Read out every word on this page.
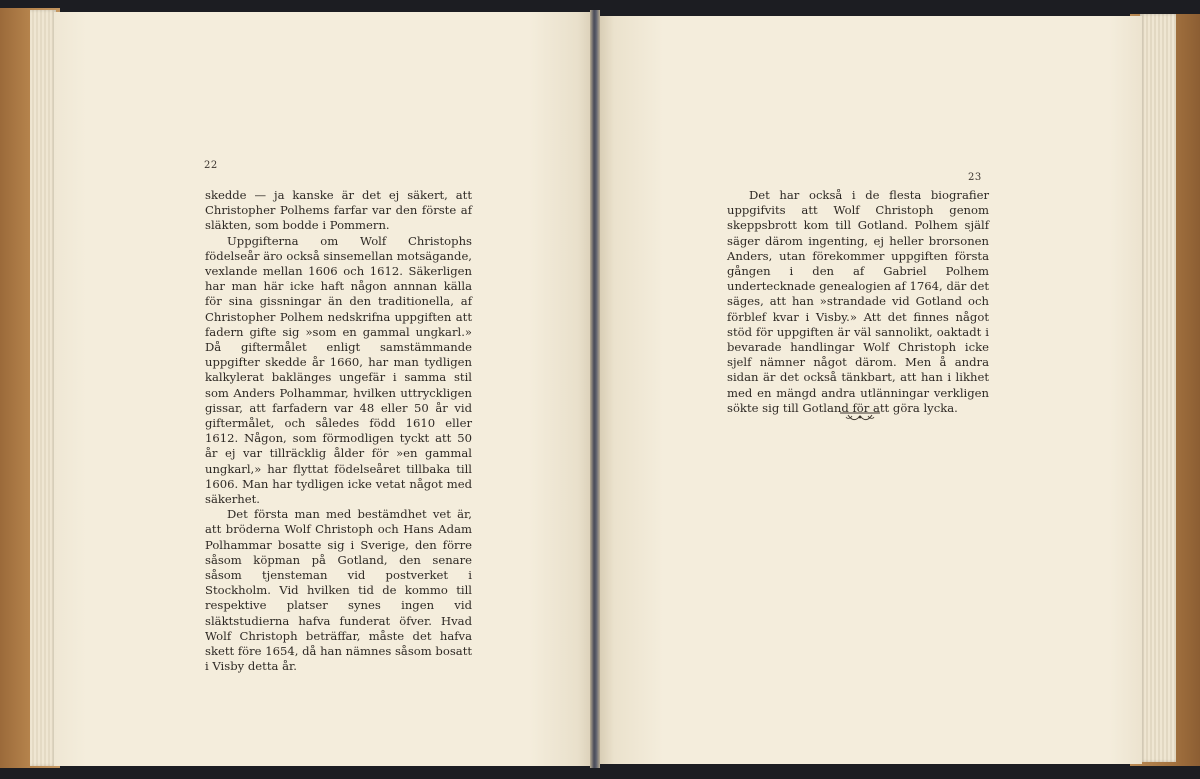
22

skedde — ja kanske är det ej säkert, att Christopher Polhems farfar var den förste af släkten, som bodde i Pommern.

Uppgifterna om Wolf Christophs födelseår äro också sinsemellan motsägande, vexlande mellan 1606 och 1612. Säkerligen har man här icke haft någon annnan källa för sina gissningar än den traditionella, af Christopher Polhem nedskrifna uppgiften att fadern gifte sig »som en gammal ungkarl.» Då giftermålet enligt samstämmande uppgifter skedde år 1660, har man tydligen kalkylerat baklänges ungefär i samma stil som Anders Polhammar, hvilken uttryckligen gissar, att farfadern var 48 eller 50 år vid giftermålet, och således född 1610 eller 1612. Någon, som förmodligen tyckt att 50 år ej var tillräcklig ålder för »en gammal ungkarl,» har flyttat födelseåret tillbaka till 1606. Man har tydligen icke vetat något med säkerhet.

Det första man med bestämdhet vet är, att bröderna Wolf Christoph och Hans Adam Polhammar bosatte sig i Sverige, den förre såsom köpman på Gotland, den senare såsom tjensteman vid postverket i Stockholm. Vid hvilken tid de kommo till respektive platser synes ingen vid släktstudierna hafva funderat öfver. Hvad Wolf Christoph beträffar, måste det hafva skett före 1654, då han nämnes såsom bosatt i Visby detta år.

23

Det har också i de flesta biografier uppgifvits att Wolf Christoph genom skeppsbrott kom till Gotland. Polhem själf säger därom ingenting, ej heller brorsonen Anders, utan förekommer uppgiften första gången i den af Gabriel Polhem undertecknade genealogien af 1764, där det säges, att han »strandade vid Gotland och förblef kvar i Visby.» Att det finnes något stöd för uppgiften är väl sannolikt, oaktadt i bevarade handlingar Wolf Christoph icke sjelf nämner något därom. Men å andra sidan är det också tänkbart, att han i likhet med en mängd andra utlänningar verkligen sökte sig till Gotland för att göra lycka.
